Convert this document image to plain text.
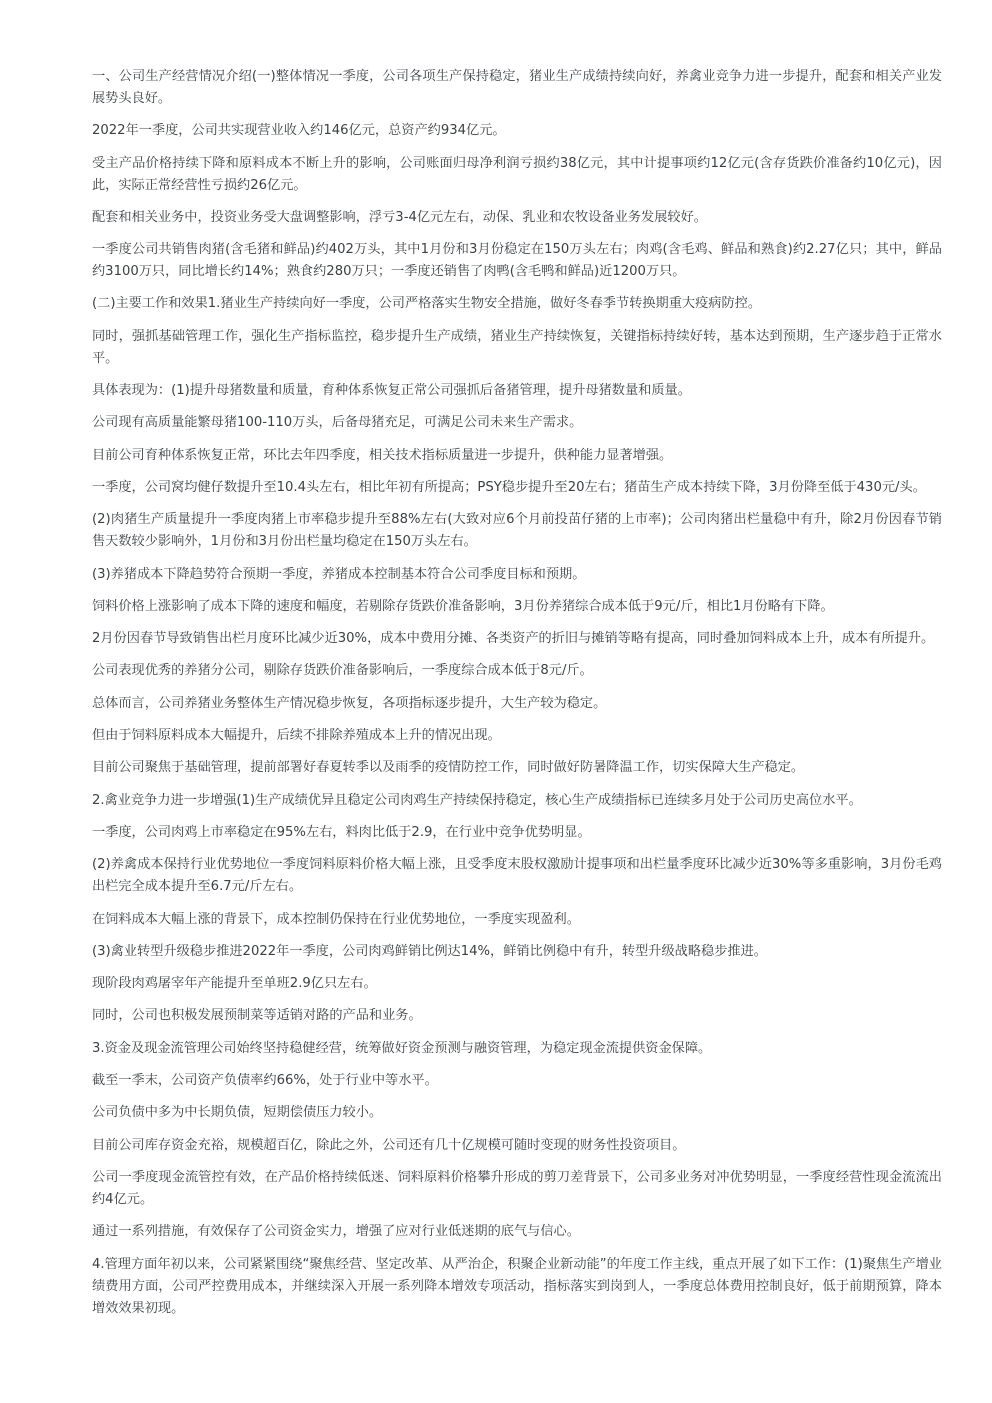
一、公司生产经营情况介绍(一)整体情况一季度，公司各项生产保持稳定，猪业生产成绩持续向好，养禽业竞争力进一步提升，配套和相关产业发展势头良好。

2022年一季度，公司共实现营业收入约146亿元，总资产约934亿元。

受主产品价格持续下降和原料成本不断上升的影响，公司账面归母净利润亏损约38亿元，其中计提事项约12亿元(含存货跌价准备约10亿元)，因此，实际正常经营性亏损约26亿元。

配套和相关业务中，投资业务受大盘调整影响，浮亏3-4亿元左右，动保、乳业和农牧设备业务发展较好。

一季度公司共销售肉猪(含毛猪和鲜品)约402万头，其中1月份和3月份稳定在150万头左右；肉鸡(含毛鸡、鲜品和熟食)约2.27亿只；其中，鲜品约3100万只，同比增长约14%；熟食约280万只；一季度还销售了肉鸭(含毛鸭和鲜品)近1200万只。

(二)主要工作和效果1.猪业生产持续向好一季度，公司严格落实生物安全措施，做好冬春季节转换期重大疫病防控。

同时，强抓基础管理工作，强化生产指标监控，稳步提升生产成绩，猪业生产持续恢复，关键指标持续好转，基本达到预期，生产逐步趋于正常水平。

具体表现为：(1)提升母猪数量和质量，育种体系恢复正常公司强抓后备猪管理，提升母猪数量和质量。

公司现有高质量能繁母猪100-110万头，后备母猪充足，可满足公司未来生产需求。

目前公司育种体系恢复正常，环比去年四季度，相关技术指标质量进一步提升，供种能力显著增强。

一季度，公司窝均健仔数提升至10.4头左右，相比年初有所提高；PSY稳步提升至20左右；猪苗生产成本持续下降，3月份降至低于430元/头。

(2)肉猪生产质量提升一季度肉猪上市率稳步提升至88%左右(大致对应6个月前投苗仔猪的上市率)；公司肉猪出栏量稳中有升，除2月份因春节销售天数较少影响外，1月份和3月份出栏量均稳定在150万头左右。

(3)养猪成本下降趋势符合预期一季度，养猪成本控制基本符合公司季度目标和预期。

饲料价格上涨影响了成本下降的速度和幅度，若剔除存货跌价准备影响，3月份养猪综合成本低于9元/斤，相比1月份略有下降。

2月份因春节导致销售出栏月度环比减少近30%，成本中费用分摊、各类资产的折旧与摊销等略有提高，同时叠加饲料成本上升，成本有所提升。

公司表现优秀的养猪分公司，剔除存货跌价准备影响后，一季度综合成本低于8元/斤。

总体而言，公司养猪业务整体生产情况稳步恢复，各项指标逐步提升，大生产较为稳定。

但由于饲料原料成本大幅提升，后续不排除养殖成本上升的情况出现。

目前公司聚焦于基础管理，提前部署好春夏转季以及雨季的疫情防控工作，同时做好防暑降温工作，切实保障大生产稳定。

2.禽业竞争力进一步增强(1)生产成绩优异且稳定公司肉鸡生产持续保持稳定，核心生产成绩指标已连续多月处于公司历史高位水平。

一季度，公司肉鸡上市率稳定在95%左右，料肉比低于2.9，在行业中竞争优势明显。

(2)养禽成本保持行业优势地位一季度饲料原料价格大幅上涨，且受季度末股权激励计提事项和出栏量季度环比减少近30%等多重影响，3月份毛鸡出栏完全成本提升至6.7元/斤左右。

在饲料成本大幅上涨的背景下，成本控制仍保持在行业优势地位，一季度实现盈利。

(3)禽业转型升级稳步推进2022年一季度，公司肉鸡鲜销比例达14%，鲜销比例稳中有升，转型升级战略稳步推进。

现阶段肉鸡屠宰年产能提升至单班2.9亿只左右。

同时，公司也积极发展预制菜等适销对路的产品和业务。

3.资金及现金流管理公司始终坚持稳健经营，统筹做好资金预测与融资管理，为稳定现金流提供资金保障。

截至一季末，公司资产负债率约66%，处于行业中等水平。

公司负债中多为中长期负债，短期偿债压力较小。

目前公司库存资金充裕，规模超百亿，除此之外，公司还有几十亿规模可随时变现的财务性投资项目。

公司一季度现金流管控有效，在产品价格持续低迷、饲料原料价格攀升形成的剪刀差背景下，公司多业务对冲优势明显，一季度经营性现金流流出约4亿元。

通过一系列措施，有效保存了公司资金实力，增强了应对行业低迷期的底气与信心。

4.管理方面年初以来，公司紧紧围绕“聚焦经营、坚定改革、从严治企，积聚企业新动能”的年度工作主线，重点开展了如下工作：(1)聚焦生产增业绩费用方面，公司严控费用成本，并继续深入开展一系列降本增效专项活动，指标落实到岗到人，一季度总体费用控制良好，低于前期预算，降本增效效果初现。
